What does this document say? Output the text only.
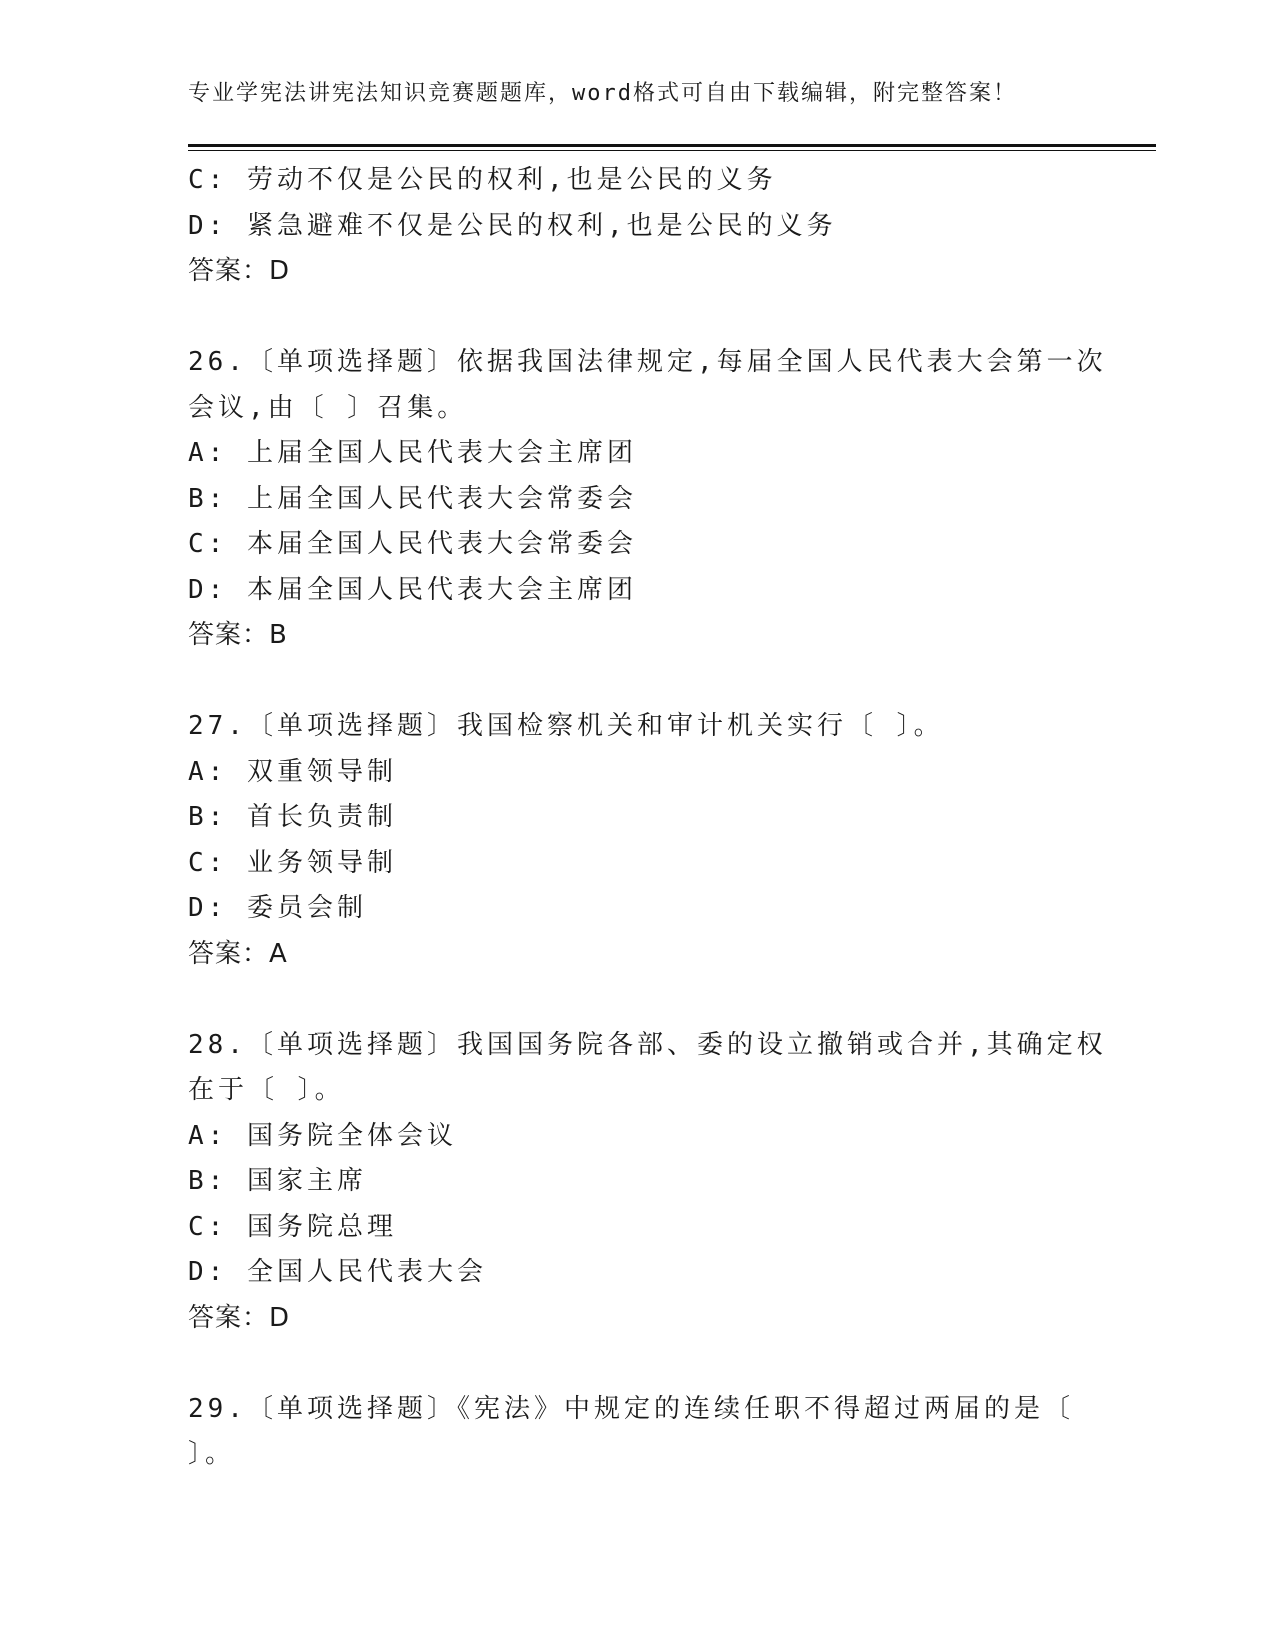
专业学宪法讲宪法知识竞赛题题库，word格式可自由下载编辑，附完整答案！
C: 劳动不仅是公民的权利,也是公民的义务
D: 紧急避难不仅是公民的权利,也是公民的义务
答案：D
26.〔单项选择题〕依据我国法律规定,每届全国人民代表大会第一次
会议,由〔 〕召集。
A: 上届全国人民代表大会主席团
B: 上届全国人民代表大会常委会
C: 本届全国人民代表大会常委会
D: 本届全国人民代表大会主席团
答案：B
27.〔单项选择题〕我国检察机关和审计机关实行〔 〕。
A: 双重领导制
B: 首长负责制
C: 业务领导制
D: 委员会制
答案：A
28.〔单项选择题〕我国国务院各部、委的设立撤销或合并,其确定权
在于〔 〕。
A: 国务院全体会议
B: 国家主席
C: 国务院总理
D: 全国人民代表大会
答案：D
29.〔单项选择题〕《宪法》中规定的连续任职不得超过两届的是〔
〕。
